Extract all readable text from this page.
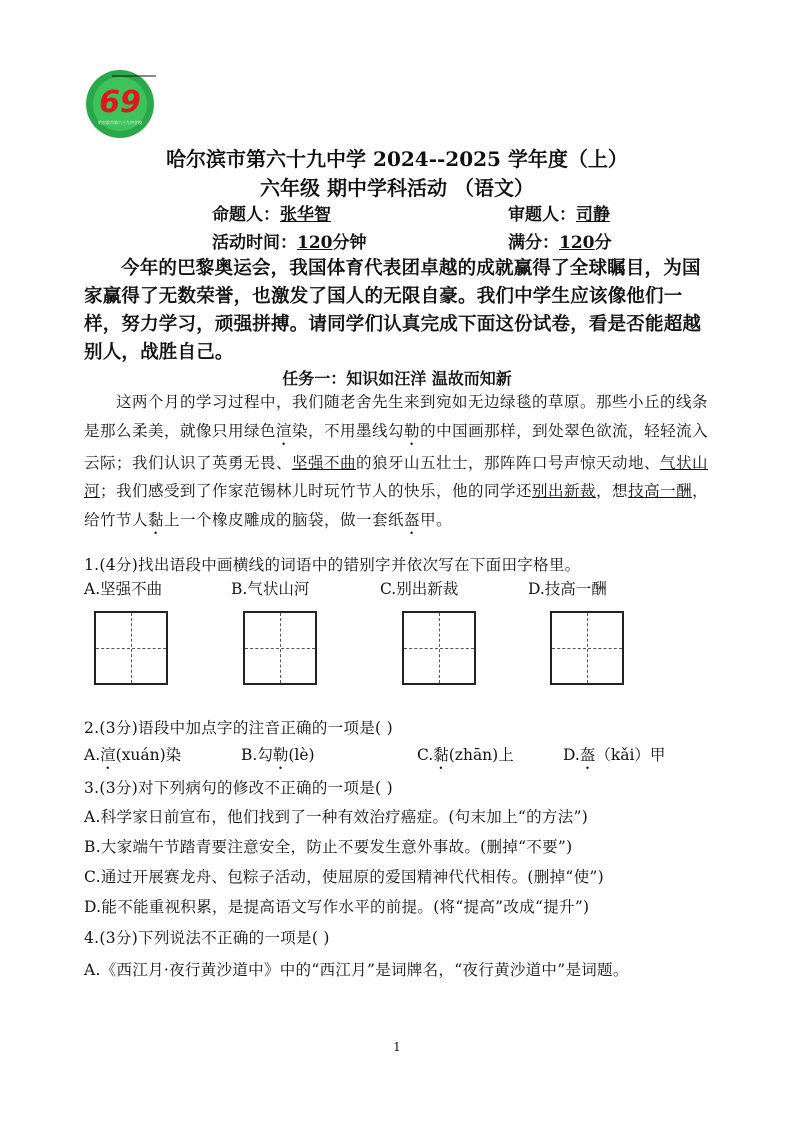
69
哈尔滨市第六十九中学校
哈尔滨市第六十九中学 2024--2025 学年度（上）
六年级 期中学科活动 （语文）
命题人：张华智	审题人：司静
活动时间：120分钟	满分：120分
今年的巴黎奥运会，我国体育代表团卓越的成就赢得了全球瞩目，为国家赢得了无数荣誉，也激发了国人的无限自豪。我们中学生应该像他们一样，努力学习，顽强拼搏。请同学们认真完成下面这份试卷，看是否能超越别人，战胜自己。
任务一：知识如汪洋 温故而知新
这两个月的学习过程中，我们随老舍先生来到宛如无边绿毯的草原。那些小丘的线条是那么柔美，就像只用绿色渲染，不用墨线勾勒的中国画那样，到处翠色欲流，轻轻流入云际；我们认识了英勇无畏、坚强不曲的狼牙山五壮士，那阵阵口号声惊天动地、气状山河；我们感受到了作家范锡林儿时玩竹节人的快乐，他的同学还别出新裁，想技高一酬，给竹节人黏上一个橡皮雕成的脑袋，做一套纸盔甲。
1.(4分)找出语段中画横线的词语中的错别字并依次写在下面田字格里。
A.坚强不曲	B.气状山河	C.别出新裁	D.技高一酬
2.(3分)语段中加点字的注音正确的一项是( )
A.渲(xuán)染	B.勾勒(lè)	C.黏(zhān)上	D.盔（kǎi）甲
3.(3分)对下列病句的修改不正确的一项是( )
A.科学家日前宣布，他们找到了一种有效治疗癌症。(句末加上“的方法”)
B.大家端午节踏青要注意安全，防止不要发生意外事故。(删掉“不要”)
C.通过开展赛龙舟、包粽子活动，使屈原的爱国精神代代相传。(删掉“使”)
D.能不能重视积累，是提高语文写作水平的前提。(将“提高”改成“提升”)
4.(3分)下列说法不正确的一项是( )
A.《西江月·夜行黄沙道中》中的“西江月”是词牌名，“夜行黄沙道中”是词题。
1
